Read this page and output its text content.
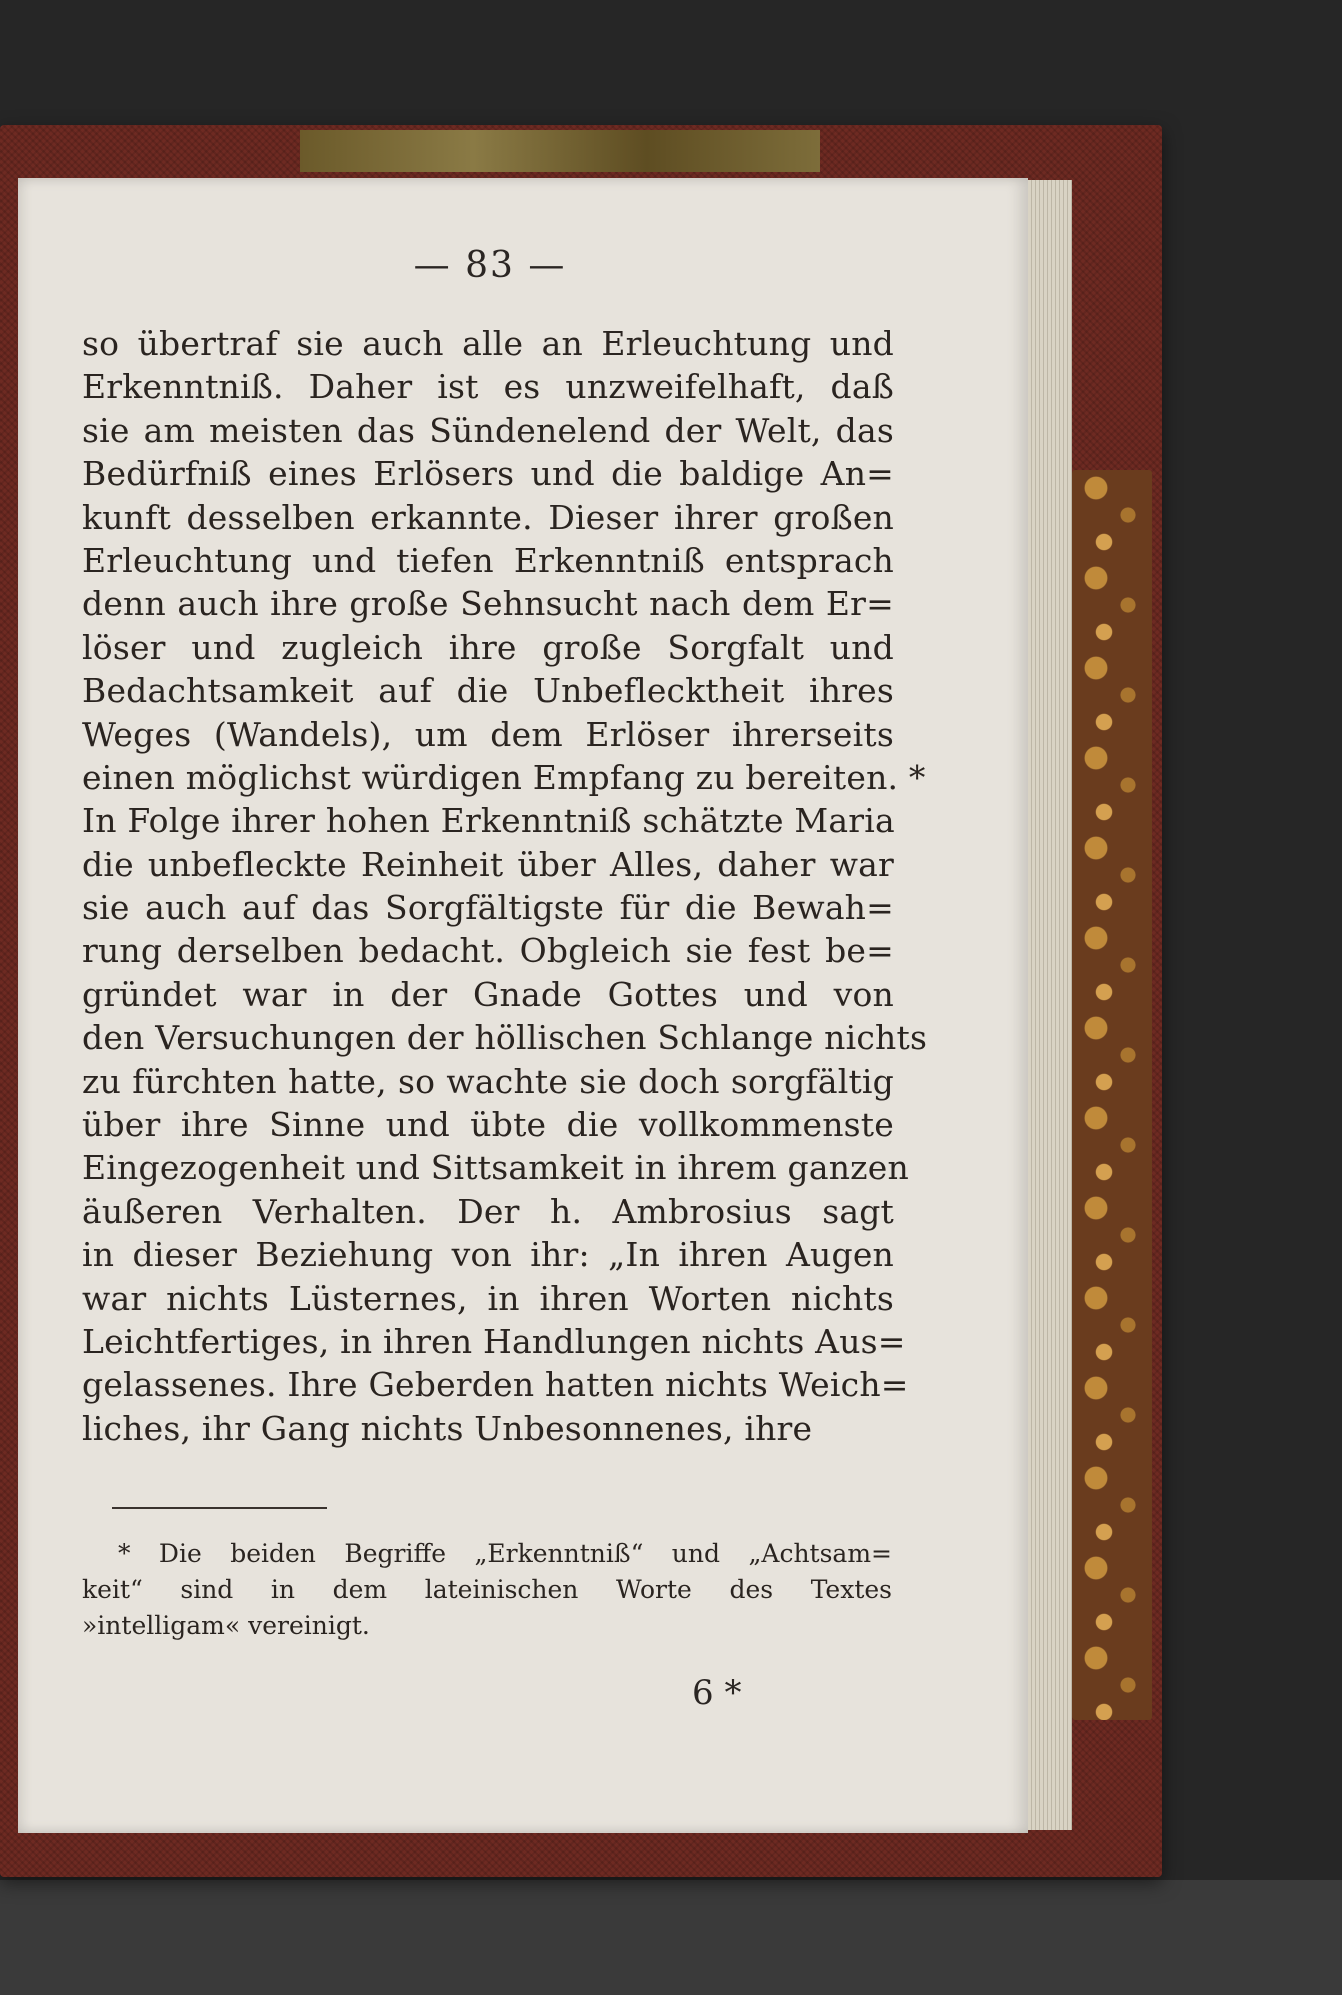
— 83 —
so übertraf sie auch alle an Erleuchtung und
Erkenntniß. Daher ist es unzweifelhaft, daß
sie am meisten das Sündenelend der Welt, das
Bedürfniß eines Erlösers und die baldige An=
kunft desselben erkannte. Dieser ihrer großen
Erleuchtung und tiefen Erkenntniß entsprach
denn auch ihre große Sehnsucht nach dem Er=
löser und zugleich ihre große Sorgfalt und
Bedachtsamkeit auf die Unbeflecktheit ihres
Weges (Wandels), um dem Erlöser ihrerseits
einen möglichst würdigen Empfang zu bereiten. *
In Folge ihrer hohen Erkenntniß schätzte Maria
die unbefleckte Reinheit über Alles, daher war
sie auch auf das Sorgfältigste für die Bewah=
rung derselben bedacht. Obgleich sie fest be=
gründet war in der Gnade Gottes und von
den Versuchungen der höllischen Schlange nichts
zu fürchten hatte, so wachte sie doch sorgfältig
über ihre Sinne und übte die vollkommenste
Eingezogenheit und Sittsamkeit in ihrem ganzen
äußeren Verhalten. Der h. Ambrosius sagt
in dieser Beziehung von ihr: „In ihren Augen
war nichts Lüsternes, in ihren Worten nichts
Leichtfertiges, in ihren Handlungen nichts Aus=
gelassenes. Ihre Geberden hatten nichts Weich=
liches, ihr Gang nichts Unbesonnenes, ihre
* Die beiden Begriffe „Erkenntniß“ und „Achtsam=
keit“ sind in dem lateinischen Worte des Textes
»intelligam« vereinigt.
6 *
